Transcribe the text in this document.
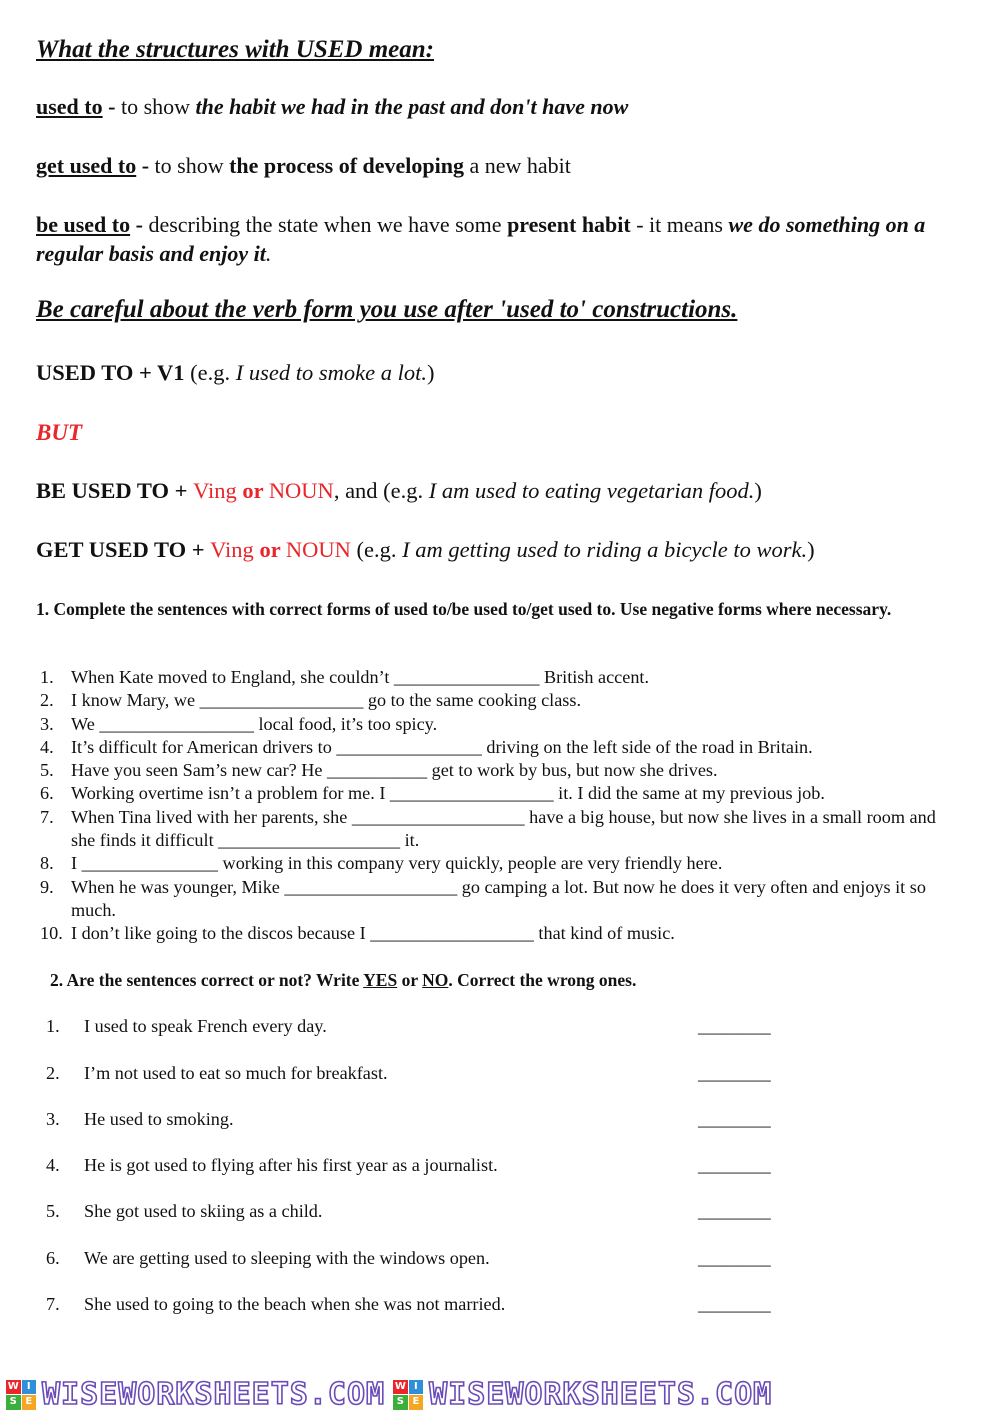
What the structures with USED mean:
used to - to show the habit we had in the past and don't have now
get used to - to show the process of developing a new habit
be used to - describing the state when we have some present habit - it means we do something on a regular basis and enjoy it.
Be careful about the verb form you use after 'used to' constructions.
USED TO + V1 (e.g. I used to smoke a lot.)
BUT
BE USED TO + Ving or NOUN, and (e.g. I am used to eating vegetarian food.)
GET USED TO + Ving or NOUN (e.g. I am getting used to riding a bicycle to work.)
1. Complete the sentences with correct forms of used to/be used to/get used to. Use negative forms where necessary.
1. When Kate moved to England, she couldn’t ________________ British accent.
2. I know Mary, we __________________ go to the same cooking class.
3. We _________________ local food, it’s too spicy.
4. It’s difficult for American drivers to ________________ driving on the left side of the road in Britain.
5. Have you seen Sam’s new car? He ___________ get to work by bus, but now she drives.
6. Working overtime isn’t a problem for me. I __________________ it. I did the same at my previous job.
7. When Tina lived with her parents, she ___________________ have a big house, but now she lives in a small room and she finds it difficult ____________________ it.
8. I _______________ working in this company very quickly, people are very friendly here.
9. When he was younger, Mike ___________________ go camping a lot. But now he does it very often and enjoys it so much.
10. I don’t like going to the discos because I __________________ that kind of music.
2. Are the sentences correct or not? Write YES or NO. Correct the wrong ones.
1.	I used to speak French every day.	________
2.	I’m not used to eat so much for breakfast.	________
3.	He used to smoking.	________
4.	He is got used to flying after his first year as a journalist.	________
5.	She got used to skiing as a child.	________
6.	We are getting used to sleeping with the windows open.	________
7.	She used to going to the beach when she was not married.	________
W I
S E WISEWORKSHEETS.COM W I
S E WISEWORKSHEETS.COM
